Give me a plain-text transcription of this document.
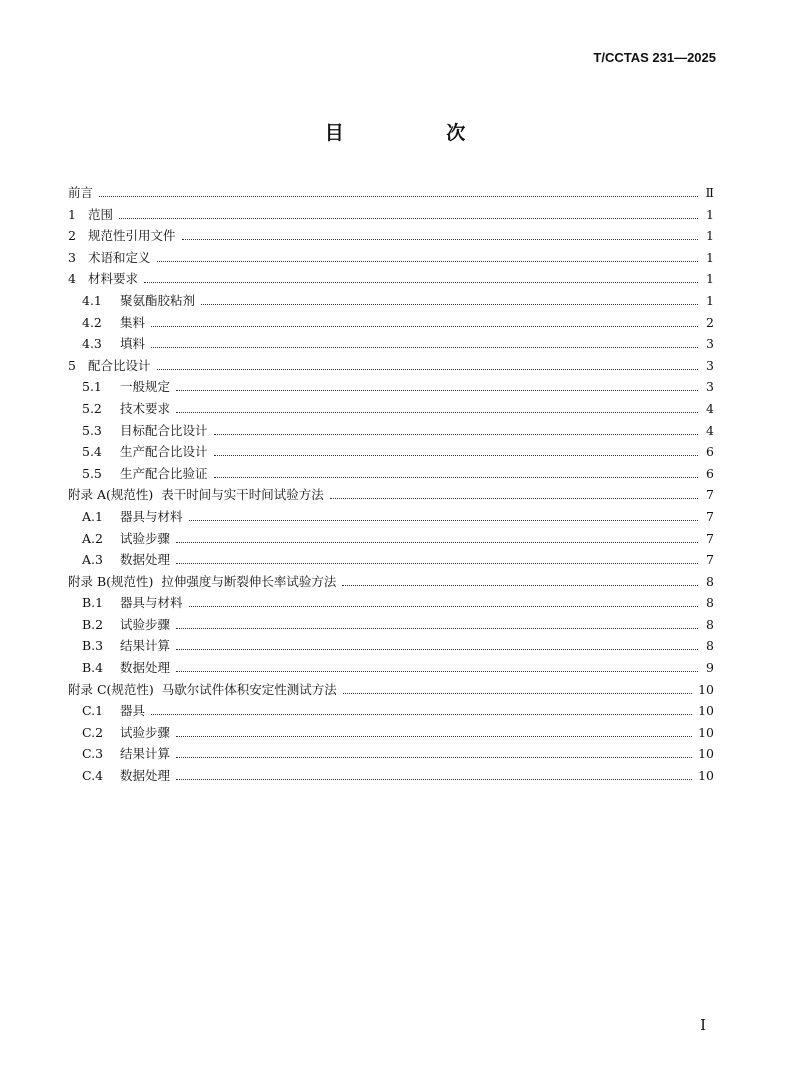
T/CCTAS 231—2025
目 次
前言	Ⅱ
1 范围	1
2 规范性引用文件	1
3 术语和定义	1
4 材料要求	1
4.1	聚氨酯胶粘剂	1
4.2	集料	2
4.3	填料	3
5 配合比设计	3
5.1	一般规定	3
5.2	技术要求	4
5.3	目标配合比设计	4
5.4	生产配合比设计	6
5.5	生产配合比验证	6
附录 A(规范性)  表干时间与实干时间试验方法	7
A.1	器具与材料	7
A.2	试验步骤	7
A.3	数据处理	7
附录 B(规范性)  拉伸强度与断裂伸长率试验方法	8
B.1	器具与材料	8
B.2	试验步骤	8
B.3	结果计算	8
B.4	数据处理	9
附录 C(规范性)  马歇尔试件体积安定性测试方法	10
C.1	器具	10
C.2	试验步骤	10
C.3	结果计算	10
C.4	数据处理	10
I
